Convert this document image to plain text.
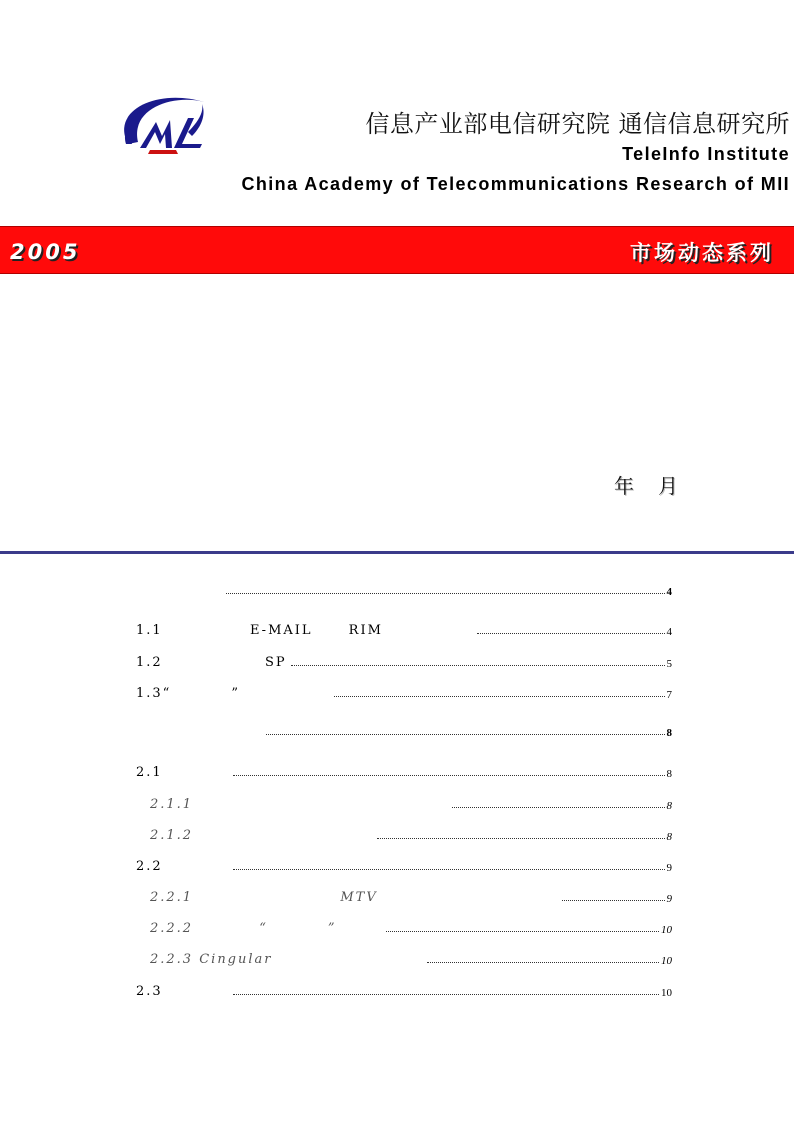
信息产业部电信研究院 通信信息研究所
TeleInfo Institute
China Academy of Telecommunications Research of MII
2005　　　　　　	市场动态系列
年 月

4
1.1 　　　　　 E-MAIL　　 RIM　　　　　　	4
1.2 　　　　　　 SP	5
1.3“　　　　”　　　　　　	7

8
2.1 　　　　	8
2.1.1　　　　　　　　　　　　　　　　　	8
2.1.2　　　　　　　　　　　　	8
2.2 　　　　	9
2.2.1 　　　　　　　　　 MTV　　　　　　　　　　　　	9
2.2.2 　　　　“　　　　”　　　	10
2.2.3 Cingular　　　　　　　　　　	10
2.3 　　　　	10
